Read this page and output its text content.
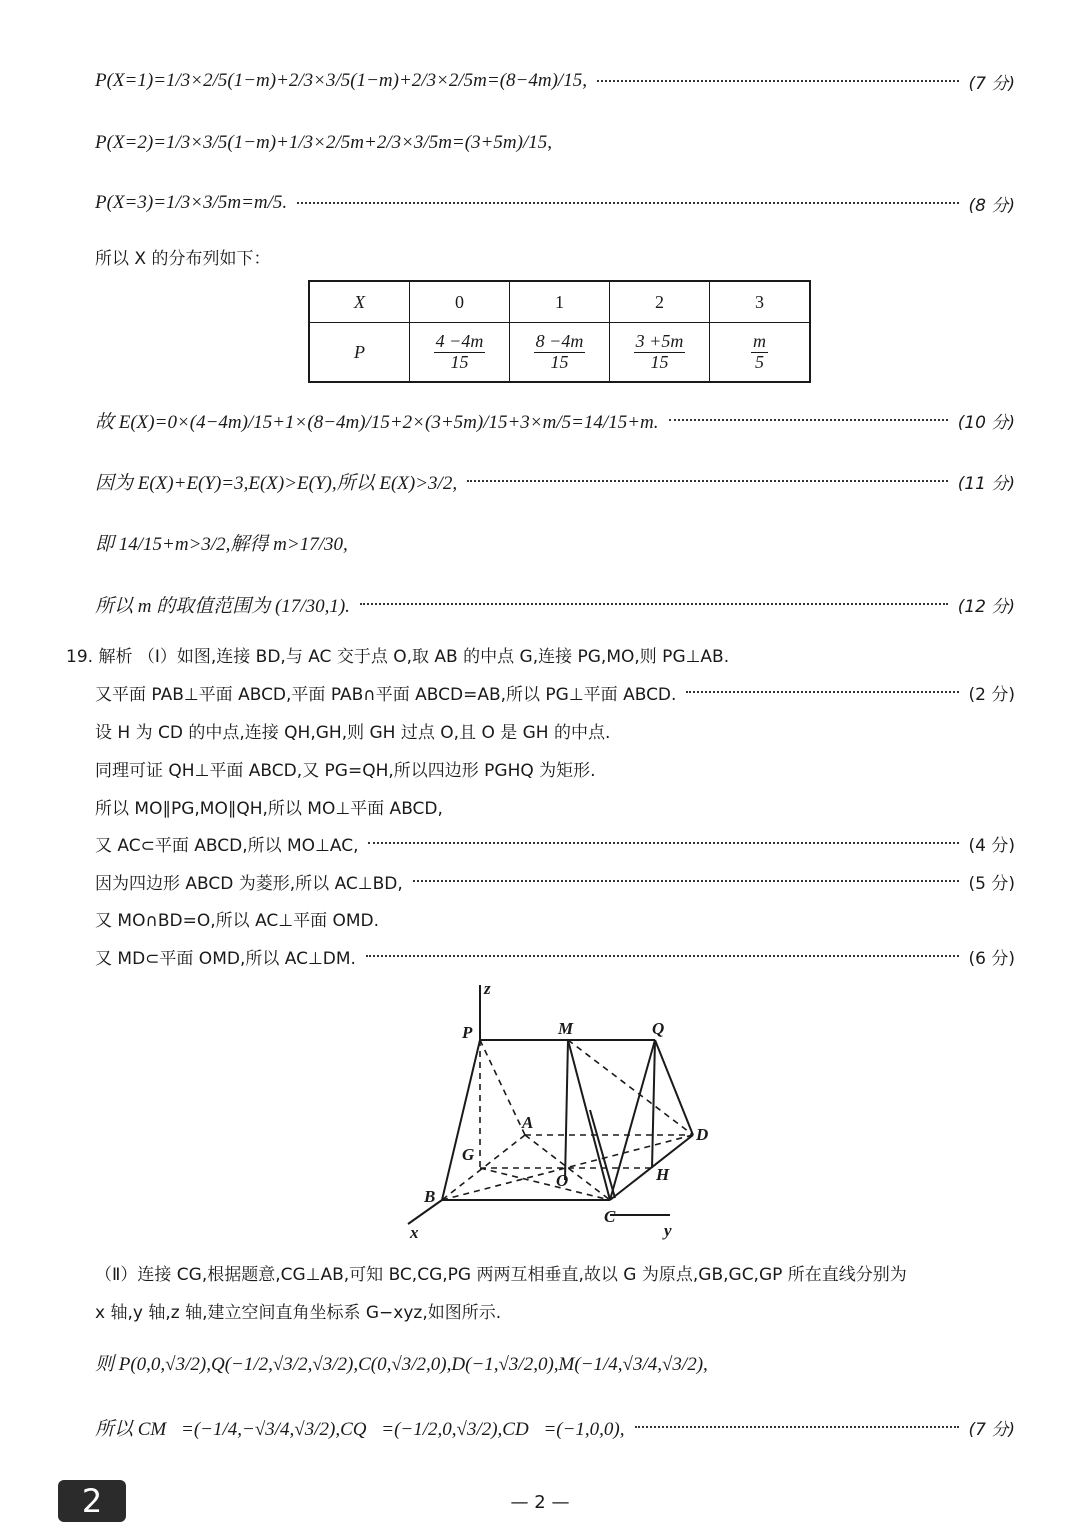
P(X=1)=1/3×2/5(1−m)+2/3×3/5(1−m)+2/3×2/5m=(8−4m)/15,	(7 分)
P(X=2)=1/3×3/5(1−m)+1/3×2/5m+2/3×3/5m=(3+5m)/15,
P(X=3)=1/3×3/5m=m/5.	(8 分)
所以 X 的分布列如下：
X	0	1	2	3
P	$\frac{4 -4m}{15}$	$\frac{8 -4m}{15}$	$\frac{3 +5m}{15}$	$\frac{m}{5}$
故 E(X)=0×(4−4m)/15+1×(8−4m)/15+2×(3+5m)/15+3×m/5=14/15+m.	(10 分)
因为 E(X)+E(Y)=3,E(X)>E(Y),所以 E(X)>3/2,	(11 分)
即 14/15+m>3/2,解得 m>17/30,
所以 m 的取值范围为 (17/30,1).	(12 分)
19. 解析 （Ⅰ）如图,连接 BD,与 AC 交于点 O,取 AB 的中点 G,连接 PG,MO,则 PG⊥AB.
又平面 PAB⊥平面 ABCD,平面 PAB∩平面 ABCD=AB,所以 PG⊥平面 ABCD.	(2 分)
设 H 为 CD 的中点,连接 QH,GH,则 GH 过点 O,且 O 是 GH 的中点.
同理可证 QH⊥平面 ABCD,又 PG=QH,所以四边形 PGHQ 为矩形.
所以 MO∥PG,MO∥QH,所以 MO⊥平面 ABCD,
又 AC⊂平面 ABCD,所以 MO⊥AC,	(4 分)
因为四边形 ABCD 为菱形,所以 AC⊥BD,	(5 分)
又 MO∩BD=O,所以 AC⊥平面 OMD.
又 MD⊂平面 OMD,所以 AC⊥DM.	(6 分)
P	M	Q
A
D
G
O	H
B
C
x	y
z
（Ⅱ）连接 CG,根据题意,CG⊥AB,可知 BC,CG,PG 两两互相垂直,故以 G 为原点,GB,GC,GP 所在直线分别为
x 轴,y 轴,z 轴,建立空间直角坐标系 G−xyz,如图所示.
则 P(0,0,√3/2),Q(−1/2,√3/2,√3/2),C(0,√3/2,0),D(−1,√3/2,0),M(−1/4,√3/4,√3/2),
所以 CM⃗=(−1/4,−√3/4,√3/2),CQ⃗=(−1/2,0,√3/2),CD⃗=(−1,0,0),	(7 分)
2	— 2 —
